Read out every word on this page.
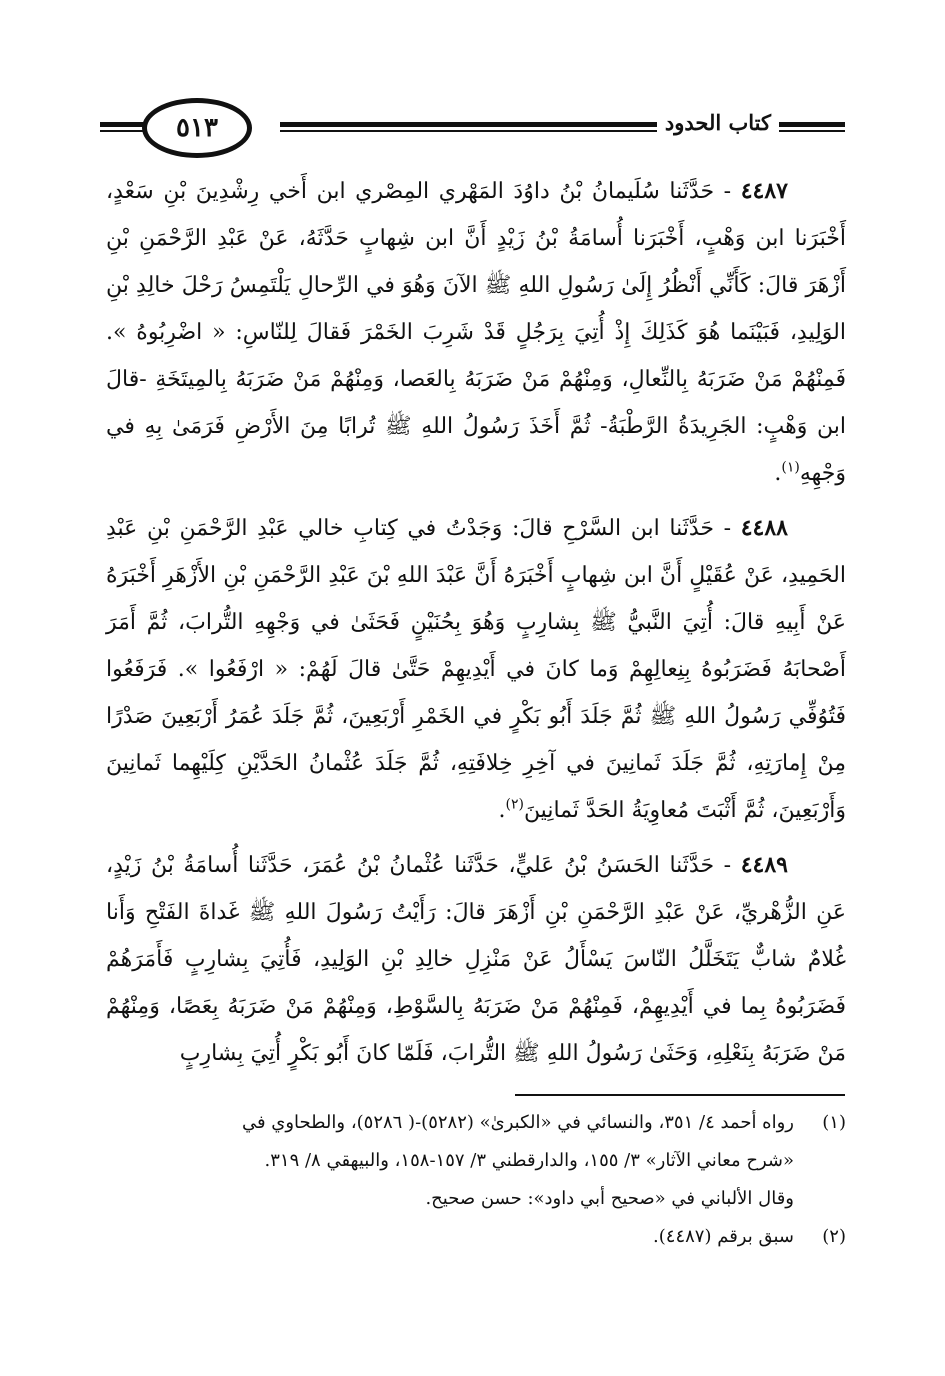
٥١٣	كتاب الحدود

٤٤٨٧ - حَدَّثَنا سُلَيمانُ بْنُ داوُدَ المَهْري المِصْري ابن أَخي رِشْدِينَ بْنِ سَعْدٍ، أَخْبَرَنا ابن وَهْبٍ، أَخْبَرَنا أُسامَةُ بْنُ زَيْدٍ أَنَّ ابن شِهابٍ حَدَّثَهُ، عَنْ عَبْدِ الرَّحْمَنِ بْنِ أَزْهَرَ قالَ: كَأَنِّي أَنْظُرُ إِلَىٰ رَسُولِ اللهِ ﷺ الآنَ وَهُوَ في الرِّحالِ يَلْتَمِسُ رَحْلَ خالِدِ بْنِ الوَلِيدِ، فَبَيْنَما هُوَ كَذَلِكَ إِذْ أُتِيَ بِرَجُلٍ قَدْ شَرِبَ الخَمْرَ فَقالَ لِلنّاسِ: « اضْرِبُوهُ ». فَمِنْهُمْ مَنْ ضَرَبَهُ بِالنِّعالِ، وَمِنْهُمْ مَنْ ضَرَبَهُ بِالعَصا، وَمِنْهُمْ مَنْ ضَرَبَهُ بِالمِيتَخَةِ -قالَ ابن وَهْبٍ: الجَرِيدَةُ الرَّطْبَةُ- ثُمَّ أَخَذَ رَسُولُ اللهِ ﷺ تُرابًا مِنَ الأَرْضِ فَرَمَىٰ بِهِ في وَجْهِهِ$^{(١)}$.

٤٤٨٨ - حَدَّثَنا ابن السَّرْحِ قالَ: وَجَدْتُ في كِتابِ خالي عَبْدِ الرَّحْمَنِ بْنِ عَبْدِ الحَمِيدِ، عَنْ عُقَيْلٍ أَنَّ ابن شِهابٍ أَخْبَرَهُ أَنَّ عَبْدَ اللهِ بْنَ عَبْدِ الرَّحْمَنِ بْنِ الأَزْهَرِ أَخْبَرَهُ عَنْ أَبِيهِ قالَ: أُتِيَ النَّبيُّ ﷺ بِشارِبٍ وَهُوَ بِحُنَيْنٍ فَحَثَىٰ في وَجْهِهِ التُّرابَ، ثُمَّ أَمَرَ أَصْحابَهُ فَضَرَبُوهُ بِنِعالِهِمْ وَما كانَ في أَيْدِيهِمْ حَتَّىٰ قالَ لَهُمْ: « ارْفَعُوا ». فَرَفَعُوا فَتُوُفِّي رَسُولُ اللهِ ﷺ ثُمَّ جَلَدَ أَبُو بَكْرٍ في الخَمْرِ أَرْبَعِينَ، ثُمَّ جَلَدَ عُمَرُ أَرْبَعِينَ صَدْرًا مِنْ إِمارَتِهِ، ثُمَّ جَلَدَ ثَمانِينَ في آخِرِ خِلافَتِهِ، ثُمَّ جَلَدَ عُثْمانُ الحَدَّيْنِ كِلَيْهِما ثَمانِينَ وَأَرْبَعِينَ، ثُمَّ أَثْبَتَ مُعاوِيَةُ الحَدَّ ثَمانِينَ$^{(٢)}$.

٤٤٨٩ - حَدَّثَنا الحَسَنُ بْنُ عَليٍّ، حَدَّثَنا عُثْمانُ بْنُ عُمَرَ، حَدَّثَنا أُسامَةُ بْنُ زَيْدٍ، عَنِ الزُّهْريِّ، عَنْ عَبْدِ الرَّحْمَنِ بْنِ أَزْهَرَ قالَ: رَأَيْتُ رَسُولَ اللهِ ﷺ غَداةَ الفَتْحِ وَأَنا غُلامٌ شابٌّ يَتَخَلَّلُ النّاسَ يَسْأَلُ عَنْ مَنْزِلِ خالِدِ بْنِ الوَلِيدِ، فَأُتِيَ بِشارِبٍ فَأَمَرَهُمْ فَضَرَبُوهُ بِما في أَيْدِيهِمْ، فَمِنْهُمْ مَنْ ضَرَبَهُ بِالسَّوْطِ، وَمِنْهُمْ مَنْ ضَرَبَهُ بِعَصًا، وَمِنْهُمْ مَنْ ضَرَبَهُ بِنَعْلِهِ، وَحَثَىٰ رَسُولُ اللهِ ﷺ التُّرابَ، فَلَمّا كانَ أَبُو بَكْرٍ أُتِيَ بِشارِبٍ

(١)
رواه أحمد ٤/ ٣٥١، والنسائي في «الكبرىٰ» (٥٢٨٢)-( ٥٢٨٦)، والطحاوي في
«شرح معاني الآثار» ٣/ ١٥٥، والدارقطني ٣/ ١٥٧-١٥٨، والبيهقي ٨/ ٣١٩.
وقال الألباني في «صحيح أبي داود»: حسن صحيح.
(٢)
سبق برقم (٤٤٨٧).
